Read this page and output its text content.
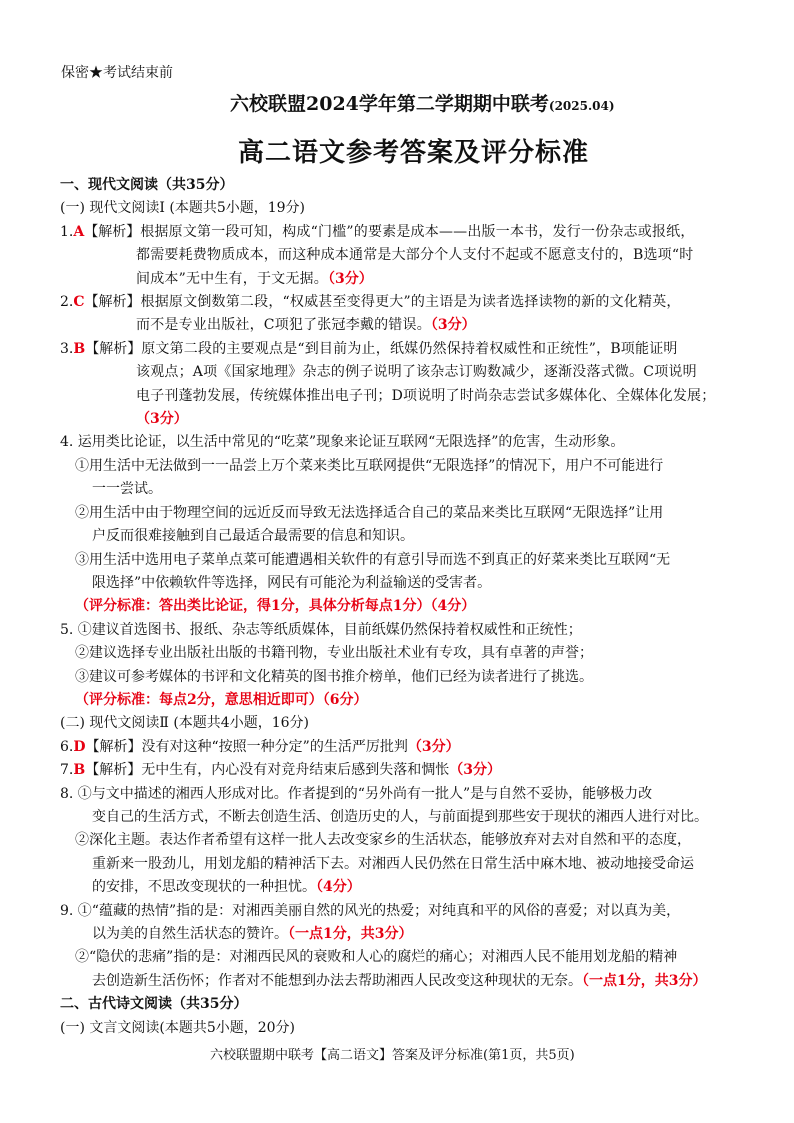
保密★考试结束前
六校联盟2024学年第二学期期中联考(2025.04)
高二语文参考答案及评分标准

一、现代文阅读（共35分）

(一) 现代文阅读I (本题共5小题，19分)

1.A【解析】根据原文第一段可知，构成“门槛”的要素是成本——出版一本书，发行一份杂志或报纸，

都需要耗费物质成本，而这种成本通常是大部分个人支付不起或不愿意支付的，B选项“时

间成本”无中生有，于文无据。（3分）

2.C【解析】根据原文倒数第二段，“权威甚至变得更大”的主语是为读者选择读物的新的文化精英，

而不是专业出版社，C项犯了张冠李戴的错误。（3分）

3.B【解析】原文第二段的主要观点是“到目前为止，纸媒仍然保持着权威性和正统性”，B项能证明

该观点；A项《国家地理》杂志的例子说明了该杂志订购数减少，逐渐没落式微。C项说明

电子刊蓬勃发展，传统媒体推出电子刊；D项说明了时尚杂志尝试多媒体化、全媒体化发展；

（3分）

4. 运用类比论证，以生活中常见的“吃菜”现象来论证互联网“无限选择”的危害，生动形象。

①用生活中无法做到一一品尝上万个菜来类比互联网提供“无限选择”的情况下，用户不可能进行

一一尝试。

②用生活中由于物理空间的远近反而导致无法选择适合自己的菜品来类比互联网“无限选择”让用

户反而很难接触到自己最适合最需要的信息和知识。

③用生活中选用电子菜单点菜可能遭遇相关软件的有意引导而选不到真正的好菜来类比互联网“无

限选择”中依赖软件等选择，网民有可能沦为利益输送的受害者。

（评分标准：答出类比论证，得1分，具体分析每点1分）（4分）

5. ①建议首选图书、报纸、杂志等纸质媒体，目前纸媒仍然保持着权威性和正统性；

②建议选择专业出版社出版的书籍刊物，专业出版社术业有专攻，具有卓著的声誉；

③建议可参考媒体的书评和文化精英的图书推介榜单，他们已经为读者进行了挑选。

（评分标准：每点2分，意思相近即可）（6分）

(二) 现代文阅读Ⅱ (本题共4小题，16分)

6.D【解析】没有对这种“按照一种分定”的生活严厉批判（3分）

7.B【解析】无中生有，内心没有对竞舟结束后感到失落和惆怅（3分）

8. ①与文中描述的湘西人形成对比。作者提到的“另外尚有一批人”是与自然不妥协，能够极力改

变自己的生活方式，不断去创造生活、创造历史的人，与前面提到那些安于现状的湘西人进行对比。

②深化主题。表达作者希望有这样一批人去改变家乡的生活状态，能够放弃对去对自然和平的态度，

重新来一股劲儿，用划龙船的精神活下去。对湘西人民仍然在日常生活中麻木地、被动地接受命运

的安排，不思改变现状的一种担忧。（4分）

9. ①“蕴藏的热情”指的是：对湘西美丽自然的风光的热爱；对纯真和平的风俗的喜爱；对以真为美，

以为美的自然生活状态的赞许。（一点1分，共3分）

②“隐伏的悲痛”指的是：对湘西民风的衰败和人心的腐烂的痛心；对湘西人民不能用划龙船的精神

去创造新生活伤怀；作者对不能想到办法去帮助湘西人民改变这种现状的无奈。（一点1分，共3分）

二、古代诗文阅读（共35分）

(一) 文言文阅读(本题共5小题，20分)

六校联盟期中联考【高二语文】答案及评分标准(第1页，共5页)
